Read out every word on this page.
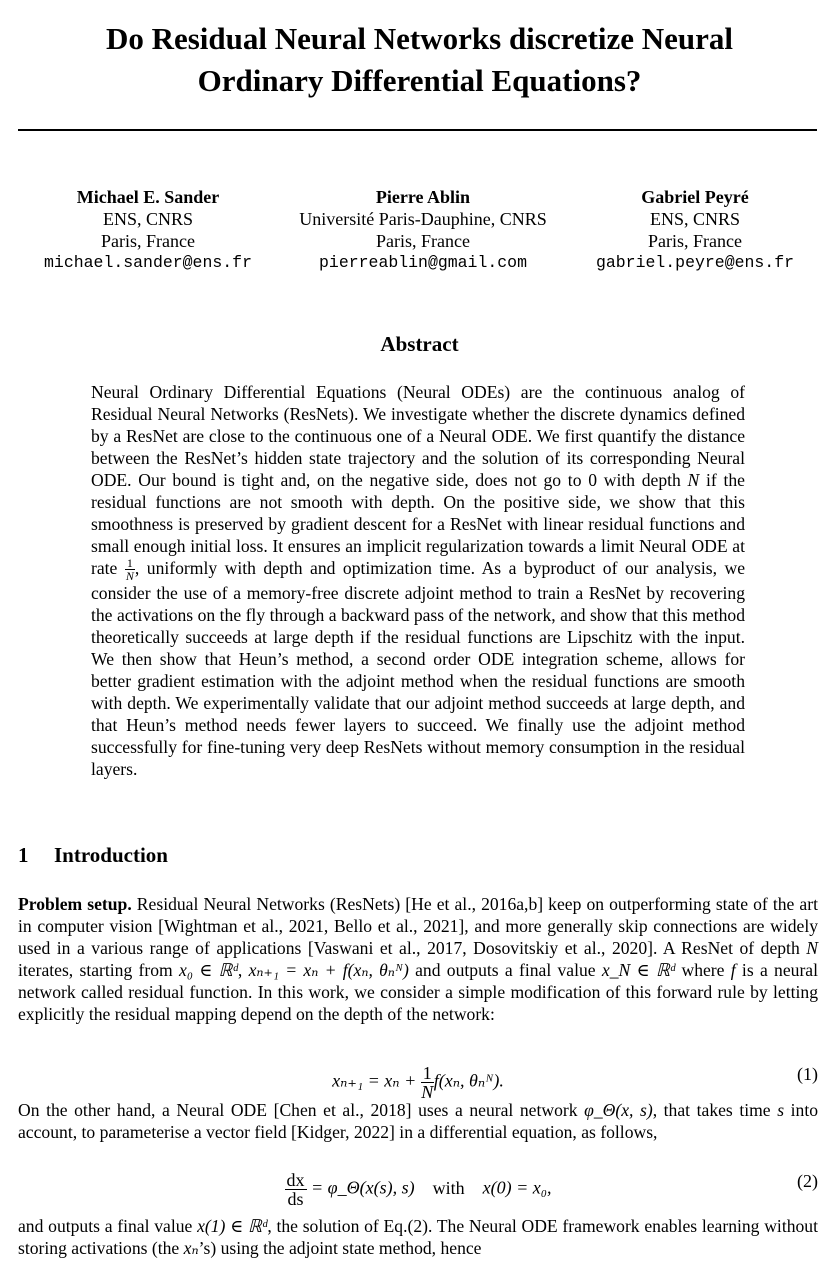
Do Residual Neural Networks discretize Neural
Ordinary Differential Equations?
Michael E. Sander
ENS, CNRS
Paris, France
michael.sander@ens.fr
Pierre Ablin
Université Paris-Dauphine, CNRS
Paris, France
pierreablin@gmail.com
Gabriel Peyré
ENS, CNRS
Paris, France
gabriel.peyre@ens.fr
Abstract
Neural Ordinary Differential Equations (Neural ODEs) are the continuous analog of Residual Neural Networks (ResNets). We investigate whether the discrete dynamics defined by a ResNet are close to the continuous one of a Neural ODE. We first quantify the distance between the ResNet’s hidden state trajectory and the solution of its corresponding Neural ODE. Our bound is tight and, on the negative side, does not go to 0 with depth N if the residual functions are not smooth with depth. On the positive side, we show that this smoothness is preserved by gradient descent for a ResNet with linear residual functions and small enough initial loss. It ensures an implicit regularization towards a limit Neural ODE at rate $\frac{1}{N}$ , uniformly with depth and optimization time. As a byproduct of our analysis, we consider the use of a memory-free discrete adjoint method to train a ResNet by recovering the activations on the fly through a backward pass of the network, and show that this method theoretically succeeds at large depth if the residual functions are Lipschitz with the input. We then show that Heun’s method, a second order ODE integration scheme, allows for better gradient estimation with the adjoint method when the residual functions are smooth with depth. We experimentally validate that our adjoint method succeeds at large depth, and that Heun’s method needs fewer layers to succeed. We finally use the adjoint method successfully for fine-tuning very deep ResNets without memory consumption in the residual layers.
1 Introduction
Problem setup. Residual Neural Networks (ResNets) [He et al., 2016a,b] keep on outperforming state of the art in computer vision [Wightman et al., 2021, Bello et al., 2021], and more generally skip connections are widely used in a various range of applications [Vaswani et al., 2017, Dosovitskiy et al., 2020]. A ResNet of depth N iterates, starting from x₀ ∈ ℝᵈ, xₙ₊₁ = xₙ + f(xₙ, θₙᴺ) and outputs a final value x_N ∈ ℝᵈ where f is a neural network called residual function. In this work, we consider a simple modification of this forward rule by letting explicitly the residual mapping depend on the depth of the network:
$x_{n+1} = x_n + \frac{1}{N} f(x_n$, θₙᴺ).	(1)
On the other hand, a Neural ODE [Chen et al., 2018] uses a neural network φ_Θ(x, s), that takes time s into account, to parameterise a vector field [Kidger, 2022] in a differential equation, as follows,
$\frac{dx}{ds}$ = φ_Θ(x(s), s) with x(0) = x₀,	(2)
and outputs a final value x(1) ∈ ℝᵈ, the solution of Eq.(2). The Neural ODE framework enables learning without storing activations (the xₙ’s) using the adjoint state method, hence
